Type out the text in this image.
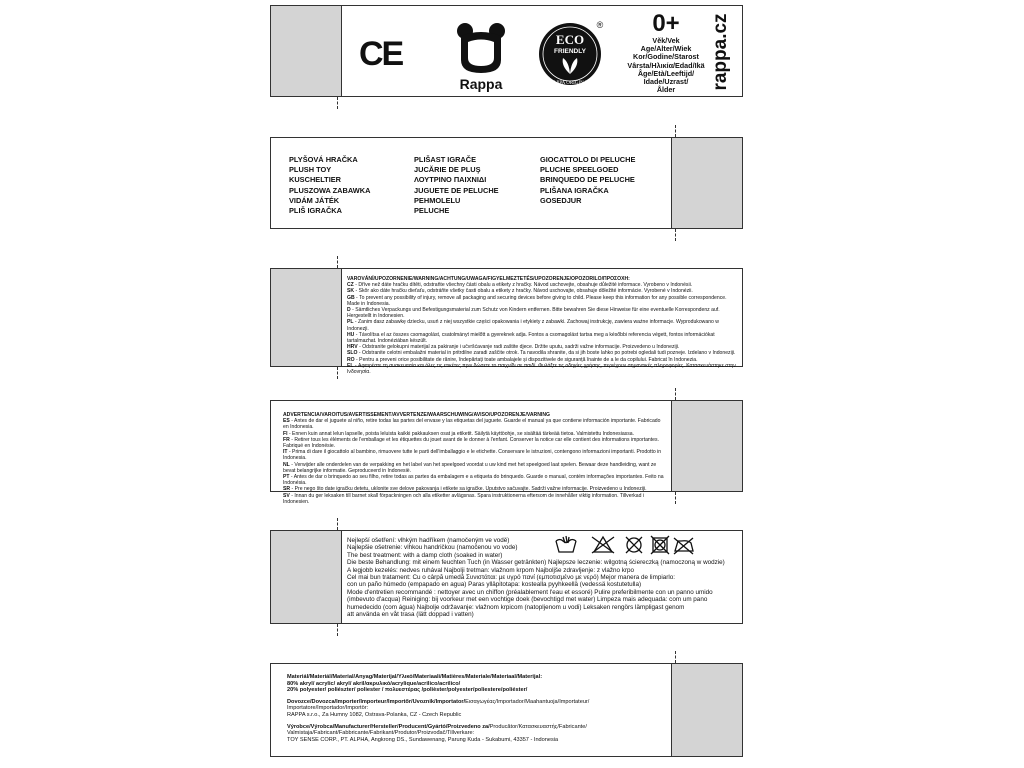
CE
Rappa
ECO
FRIENDLY
RAPPA ORIGINAL
®	0+
Věk/Vek
Age/Alter/Wiek
Kor/Godine/Starost
Vârsta/Ηλικία/Edad/Ikä
Âge/Età/Leeftijd/
Idade/Uzrast/
Ålder	rappa.cz
PLYŠOVÁ HRAČKA
PLUSH TOY
KUSCHELTIER
PLUSZOWA ZABAWKA
VIDÁM JÁTÉK
PLIŠ IGRAČKA
PLIŠAST IGRAČE
JUCĂRIE DE PLUŞ
ΛΟΥΤΡΙΝΟ ΠΑΙΧΝΙΔΙ
JUGUETE DE PELUCHE
PEHMOLELU
PELUCHE
GIOCATTOLO DI PELUCHE
PLUCHE SPEELGOED
BRINQUEDO DE PELUCHE
PLIŠANA IGRAČKA
GOSEDJUR

VAROVÁNÍ/UPOZORNENIE/WARNING/ACHTUNG/UWAGA/FIGYELMEZTETÉS/UPOZORENJE/OPOZORILO/ΠΡΟΣΟΧΗ:

CZ - Dříve než dáte hračku dítěti, odstraňte všechny části obalu a etikety z hračky. Návod uschovejte, obsahuje důležité informace. Vyrobeno v Indonésii.

SK - Skôr ako dáte hračku dieťaťu, odstráňte všetky časti obalu a etikety z hračky. Návod uschovajte, obsahuje dôležité informácie. Vyrobené v Indonézii.

GB - To prevent any possibility of injury, remove all packaging and securing devices before giving to child. Please keep this information for any possible correspondence. Made in Indonesia.

D - Sämtliches Verpackungs und Befestigungsmaterial zum Schutz von Kindern entfernen. Bitte bewahren Sie diese Hinweise für eine eventuelle Korrespondenz auf. Hergestellt in Indonesien.

PL - Zanim dasz zabawkę dziecku, usuń z niej wszystkie części opakowania i etykiety z zabawki. Zachowaj instrukcję, zawiera ważne informacje. Wyprodukowano w Indonezji.

HU - Távolítsa el az összes csomagolást, csatolmányt mielőtt a gyereknek adja. Fontos a csomagolást tartsa meg a későbbi referencia végett, fontos információkat tartalmazhat. Indonéziában készült.

HRV - Odstranite gelokupni materijal za pakiranje i učvršćavanje radi zaštite djece. Držite uputu, sadrži važne informacije. Proizvedeno u Indoneziji.

SLO - Odstranite celotni embalažni material in pritrdilne zaradi zaščite otrok. Ta navodila shranite, da si jih boste lahko po potrebi ogledali tudi pozneje. Izdelano v Indoneziji.

RO - Pentru a preveni orice posibilitate de rănire, îndepărtați toate ambalajele și dispozitivele de siguranță înainte de a le da copilului. Fabricat în Indonezia.

EL - Αφαιρέστε τη συσκευασία και όλες τις ετικέτες πριν δώσετε το παιχνίδι σε παιδί. Φυλάξτε τις οδηγίες χρήσης, περιέχουν σημαντικές πληροφορίες. Κατασκευάστηκε στην Ινδονησία.

ADVERTENCIA/VAROITUS/AVERTISSEMENT/AVVERTENZE/WAARSCHUWING/AVISO/UPOZORENJE/VARNING

ES - Antes de dar el juguete al niño, retire todas las partes del envase y las etiquetas del juguete. Guarde el manual ya que contiene información importante. Fabricado en Indonesia.

FI - Ennen kuin annat lelun lapselle, poista leluista kaikki pakkauksen osat ja etiketit. Säilytä käyttöohje, se sisältää tärkeää tietoa. Valmistettu Indonesiassa.

FR - Retirer tous les éléments de l'emballage et les étiquettes du jouet avant de le donner à l'enfant. Conserver la notice car elle contient des informations importantes. Fabriqué en Indonésie.

IT - Prima di dare il giocattolo al bambino, rimuovere tutte le parti dell'imballaggio e le etichette. Conservare le istruzioni, contengono informazioni importanti. Prodotto in Indonesia.

NL - Verwijder alle onderdelen van de verpakking en het label van het speelgoed voordat u uw kind met het speelgoed laat spelen. Bewaar deze handleiding, want ze bevat belangrijke informatie. Geproduceerd in Indonesië.

PT - Antes de dar o brinquedo ao seu filho, retire todas as partes da embalagem e a etiqueta do brinquedo. Guarde o manual, contém informações importantes. Feito na Indonésia.

SR - Pre nego što date igračku detetu, uklonite sve delove pakovanja i etikete sa igračke. Uputstvo sačuvajte. Sadrži važne informacije. Proizvedeno u Indoneziji.

SV - Innan du ger leksaken till barnet skall förpackningen och alla etiketter avlägsnas. Spara instruktionerna eftersom de innehåller viktig information. Tillverkad i Indonesien.

Nejlepší ošetření: vlhkým hadříkem (namočeným ve vodě)

Najlepšie ošetrenie: vlhkou handričkou (namočenou vo vode)

The best treatment: with a damp cloth (soaked in water)

Die beste Behandlung: mit einem feuchten Tuch (in Wasser getränkten) Najlepsze leczenie: wilgotną ściereczką (namoczoną w wodzie)

A legjobb kezelés: nedves ruhával Najbolji tretman: vlažnom krpom Najboljše zdravljenje: z vlažno krpo

Cel mai bun tratament: Cu o cârpă umedă Συνιστάται: με υγρό πανί (εμποτισμένο με νερό) Mejor manera de limpiarlo:

con un paño húmedo (empapado en agua) Paras ylläpitotapa: kostealla pyyhkeellä (vedessä kostutetulla)

Mode d'entretien recommandé : nettoyer avec un chiffon (préalablement l'eau et essoré) Pulire preferibilmente con un panno umido

(imbevuto d'acqua) Reiniging: bij voorkeur met een vochtige doek (bevochtigd met water) Limpeza mais adequada: com um pano

humedecido (com água) Najbolje održavanje: vlažnom krpicom (natopljenom u vodi) Leksaken rengörs lämpligast genom

att använda en våt trasa (lätt doppad i vatten)

Materiál/Materiál/Material/Anyag/Materijal/Υλικό/Materiaali/Matières/Materiale/Materiaal/Materijal:

80% akryl/ acrylic/ akryl/ akril/ακρυλικό/acrylique/acrilico/acrilico/

20% polyester/ poliészter/ poliester / πολυεστέρας /polièster/polyester/poliestere/poliéster/

Dovozce/Dovozca/Importer/Importeur/Importőr/Uvoznik/Importator/Εισαγωγέας/Importador/Maahantuoja/Importateur/

Importatore/Importador/Importör:

RAPPA s.r.o., Za Humny 1082, Ostrava-Polanka, CZ - Czech Republic

Výrobce/Výrobca/Manufacturer/Hersteller/Producent/Gyártó/Proizvedeno za/Producător/Κατασκευαστής/Fabricante/

Valmistaja/Fabricant/Fabbricante/Fabrikant/Produtor/Proizvođač/Tillverkare:

TOY SENSE CORP., PT. ALPHA, Angkrong DS., Sundawenang, Parung Kuda - Sukabumi, 43357 - Indonesia
